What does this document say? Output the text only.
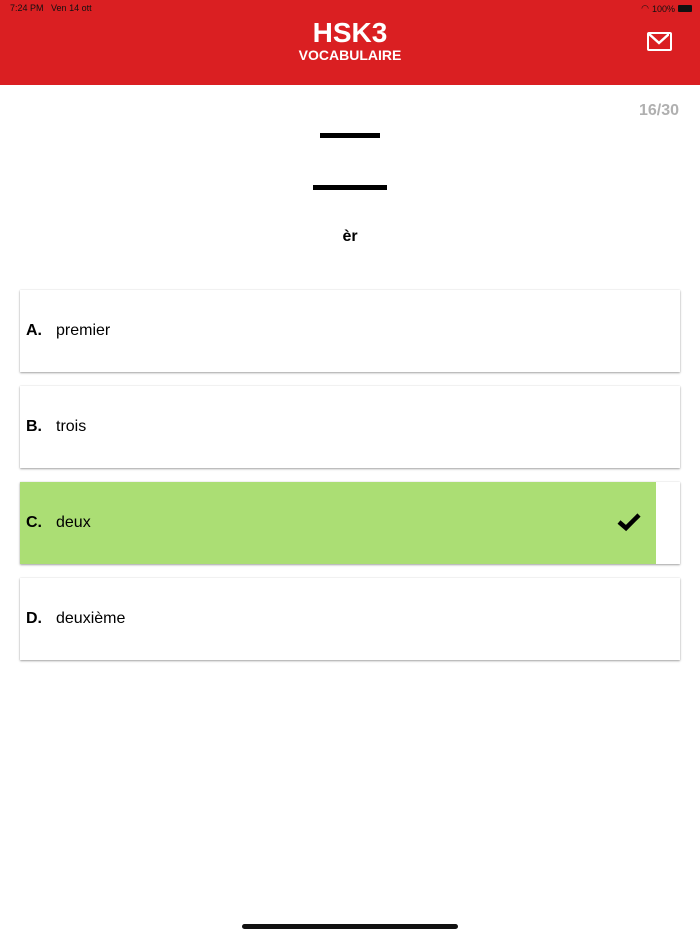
7:24 PM Ven 14 ott	◠ 100%
HSK3
VOCABULAIRE
16/30
èr
A. premier
B. trois
C. deux
D. deuxième
